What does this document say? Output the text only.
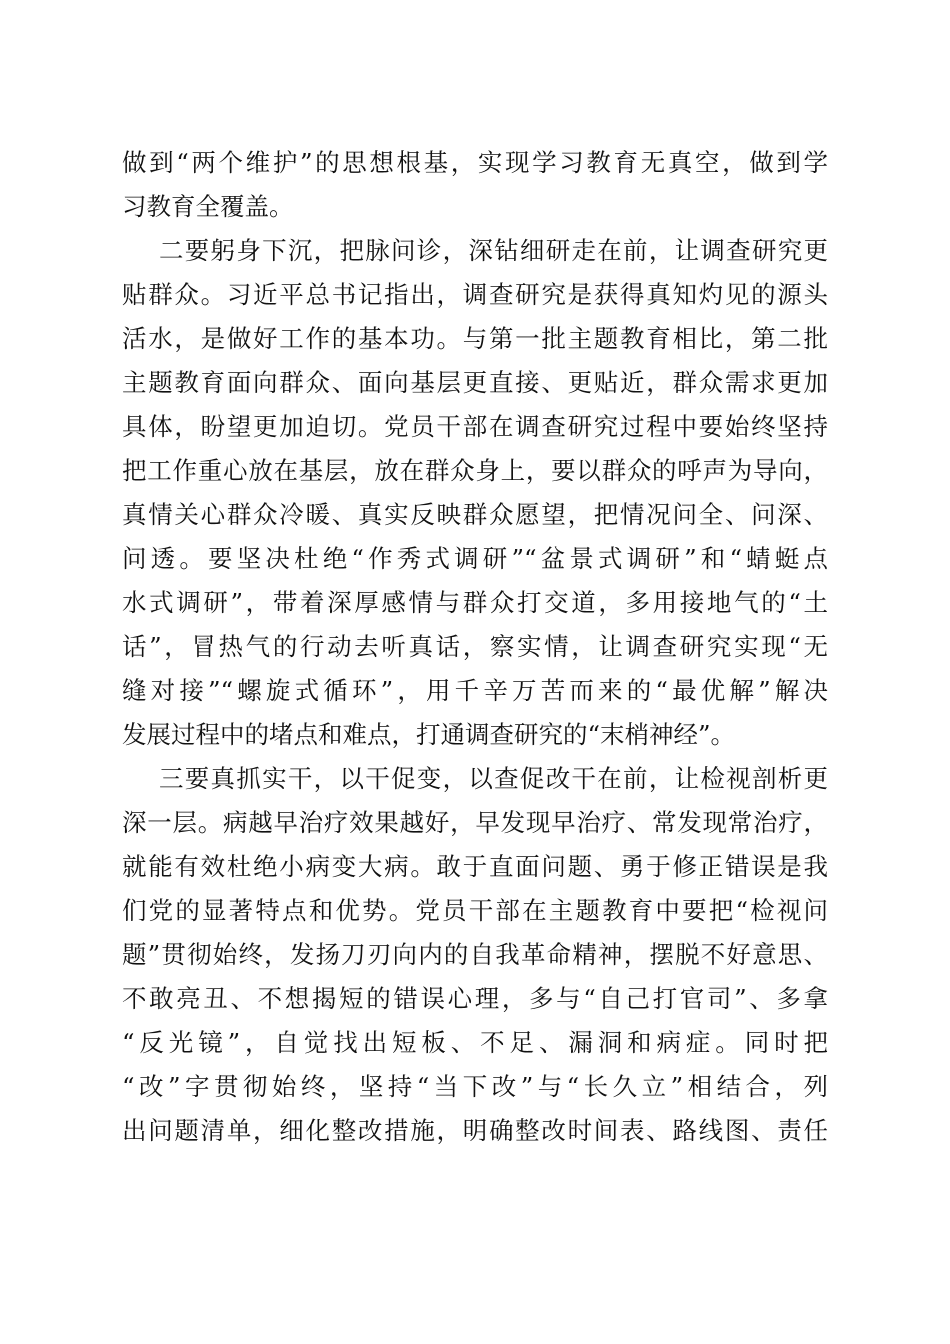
做到“两个维护”的思想根基，实现学习教育无真空，做到学
习教育全覆盖。
二要躬身下沉，把脉问诊，深钻细研走在前，让调查研究更
贴群众。习近平总书记指出，调查研究是获得真知灼见的源头
活水，是做好工作的基本功。与第一批主题教育相比，第二批
主题教育面向群众、面向基层更直接、更贴近，群众需求更加
具体，盼望更加迫切。党员干部在调查研究过程中要始终坚持
把工作重心放在基层，放在群众身上，要以群众的呼声为导向，
真情关心群众冷暖、真实反映群众愿望，把情况问全、问深、
问透。要坚决杜绝“作秀式调研”“盆景式调研”和“蜻蜓点
水式调研”，带着深厚感情与群众打交道，多用接地气的“土
话”，冒热气的行动去听真话，察实情，让调查研究实现“无
缝对接”“螺旋式循环”，用千辛万苦而来的“最优解”解决
发展过程中的堵点和难点，打通调查研究的“末梢神经”。
三要真抓实干，以干促变，以查促改干在前，让检视剖析更
深一层。病越早治疗效果越好，早发现早治疗、常发现常治疗，
就能有效杜绝小病变大病。敢于直面问题、勇于修正错误是我
们党的显著特点和优势。党员干部在主题教育中要把“检视问
题”贯彻始终，发扬刀刃向内的自我革命精神，摆脱不好意思、
不敢亮丑、不想揭短的错误心理，多与“自己打官司”、多拿
“反光镜”，自觉找出短板、不足、漏洞和病症。同时把
“改”字贯彻始终，坚持“当下改”与“长久立”相结合，列
出问题清单，细化整改措施，明确整改时间表、路线图、责任
